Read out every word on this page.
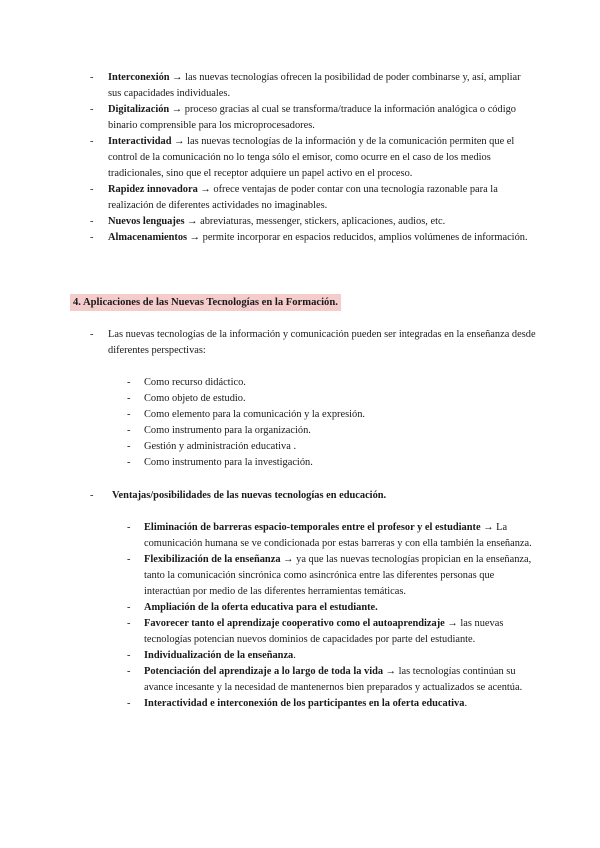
- Interconexión → las nuevas tecnologías ofrecen la posibilidad de poder combinarse y, así, ampliar sus capacidades individuales.
- Digitalización → proceso gracias al cual se transforma/traduce la información analógica o código binario comprensible para los microprocesadores.
- Interactividad → las nuevas tecnologías de la información y de la comunicación permiten que el control de la comunicación no lo tenga sólo el emisor, como ocurre en el caso de los medios tradicionales, sino que el receptor adquiere un papel activo en el proceso.
- Rapidez innovadora → ofrece ventajas de poder contar con una tecnología razonable para la realización de diferentes actividades no imaginables.
- Nuevos lenguajes → abreviaturas, messenger, stickers, aplicaciones, audios, etc.
- Almacenamientos → permite incorporar en espacios reducidos, amplios volúmenes de información.
4. Aplicaciones de las Nuevas Tecnologías en la Formación.
- Las nuevas tecnologías de la información y comunicación pueden ser integradas en la enseñanza desde diferentes perspectivas:
- Como recurso didáctico.
- Como objeto de estudio.
- Como elemento para la comunicación y la expresión.
- Como instrumento para la organización.
- Gestión y administración educativa .
- Como instrumento para la investigación.
- Ventajas/posibilidades de las nuevas tecnologías en educación.
- Eliminación de barreras espacio-temporales entre el profesor y el estudiante → La comunicación humana se ve condicionada por estas barreras y con ella también la enseñanza.
- Flexibilización de la enseñanza → ya que las nuevas tecnologías propician en la enseñanza, tanto la comunicación sincrónica como asincrónica entre las diferentes personas que interactúan por medio de las diferentes herramientas temáticas.
- Ampliación de la oferta educativa para el estudiante.
- Favorecer tanto el aprendizaje cooperativo como el autoaprendizaje → las nuevas tecnologías potencian nuevos dominios de capacidades por parte del estudiante.
- Individualización de la enseñanza.
- Potenciación del aprendizaje a lo largo de toda la vida → las tecnologías continúan su avance incesante y la necesidad de mantenernos bien preparados y actualizados se acentúa.
- Interactividad e interconexión de los participantes en la oferta educativa.
